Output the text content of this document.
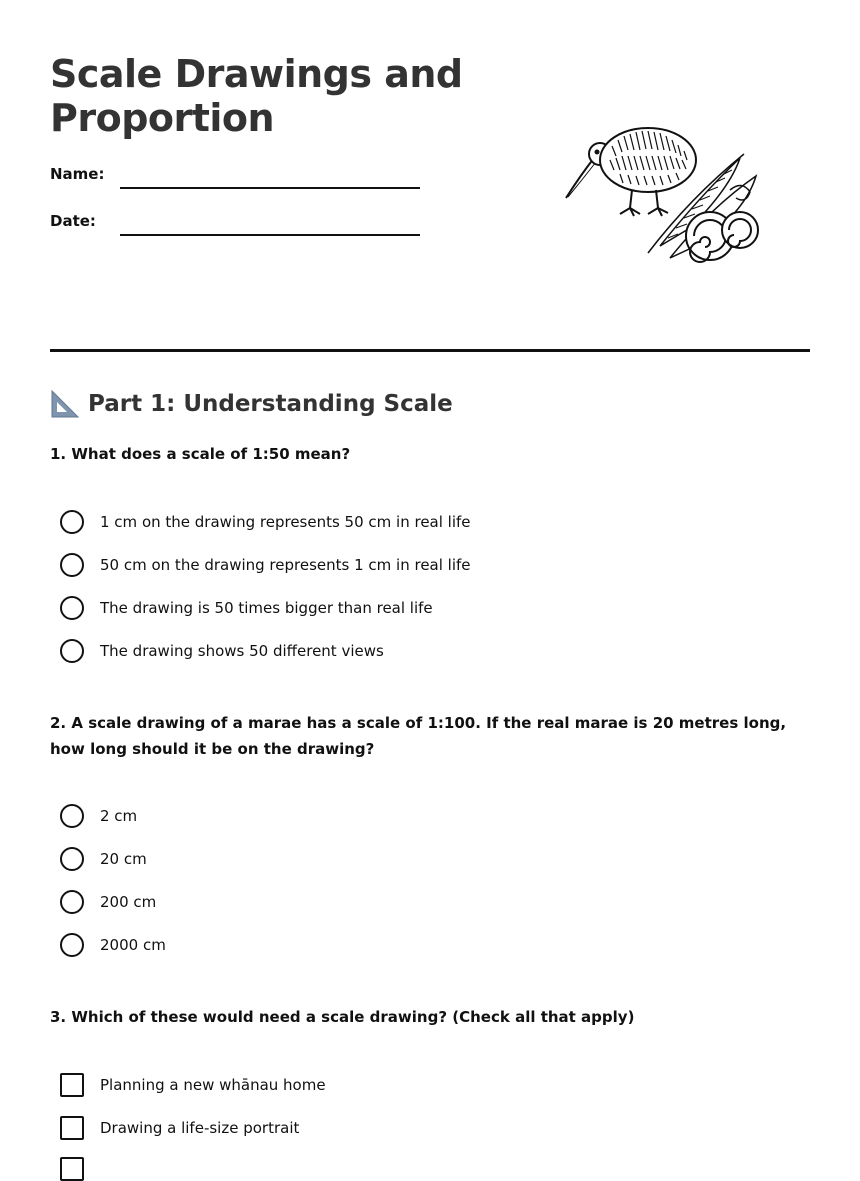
Scale Drawings and
Proportion
Name:
Date:
Part 1: Understanding Scale
1. What does a scale of 1:50 mean?
1 cm on the drawing represents 50 cm in real life
50 cm on the drawing represents 1 cm in real life
The drawing is 50 times bigger than real life
The drawing shows 50 different views
2. A scale drawing of a marae has a scale of 1:100. If the real marae is 20 metres long, how long should it be on the drawing?
2 cm
20 cm
200 cm
2000 cm
3. Which of these would need a scale drawing? (Check all that apply)
Planning a new whānau home
Drawing a life-size portrait
